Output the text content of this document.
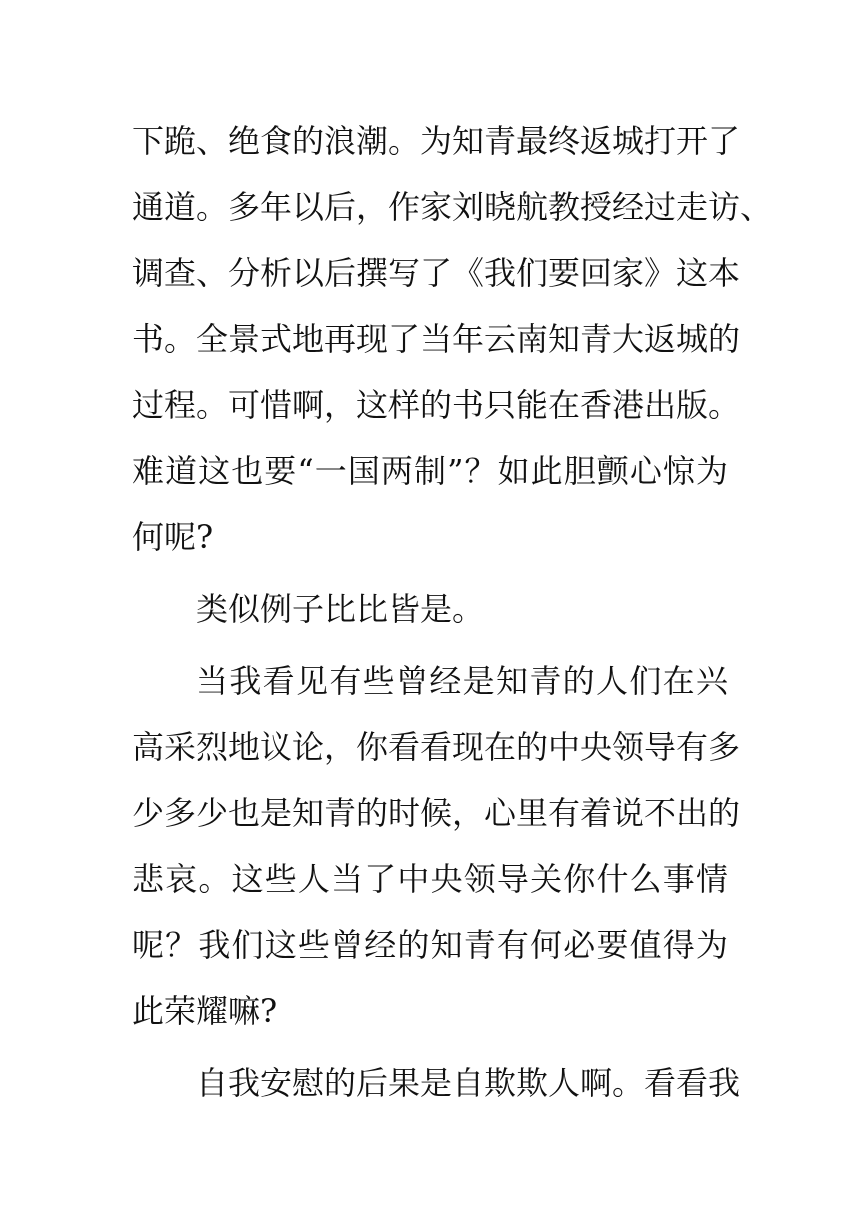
下跪、绝食的浪潮。为知青最终返城打开了
通道。多年以后，作家刘晓航教授经过走访、
调查、分析以后撰写了《我们要回家》这本
书。全景式地再现了当年云南知青大返城的
过程。可惜啊，这样的书只能在香港出版。
难道这也要“一国两制”？如此胆颤心惊为
何呢?
类似例子比比皆是。
当我看见有些曾经是知青的人们在兴
高采烈地议论，你看看现在的中央领导有多
少多少也是知青的时候，心里有着说不出的
悲哀。这些人当了中央领导关你什么事情
呢？我们这些曾经的知青有何必要值得为
此荣耀嘛?
自我安慰的后果是自欺欺人啊。看看我
